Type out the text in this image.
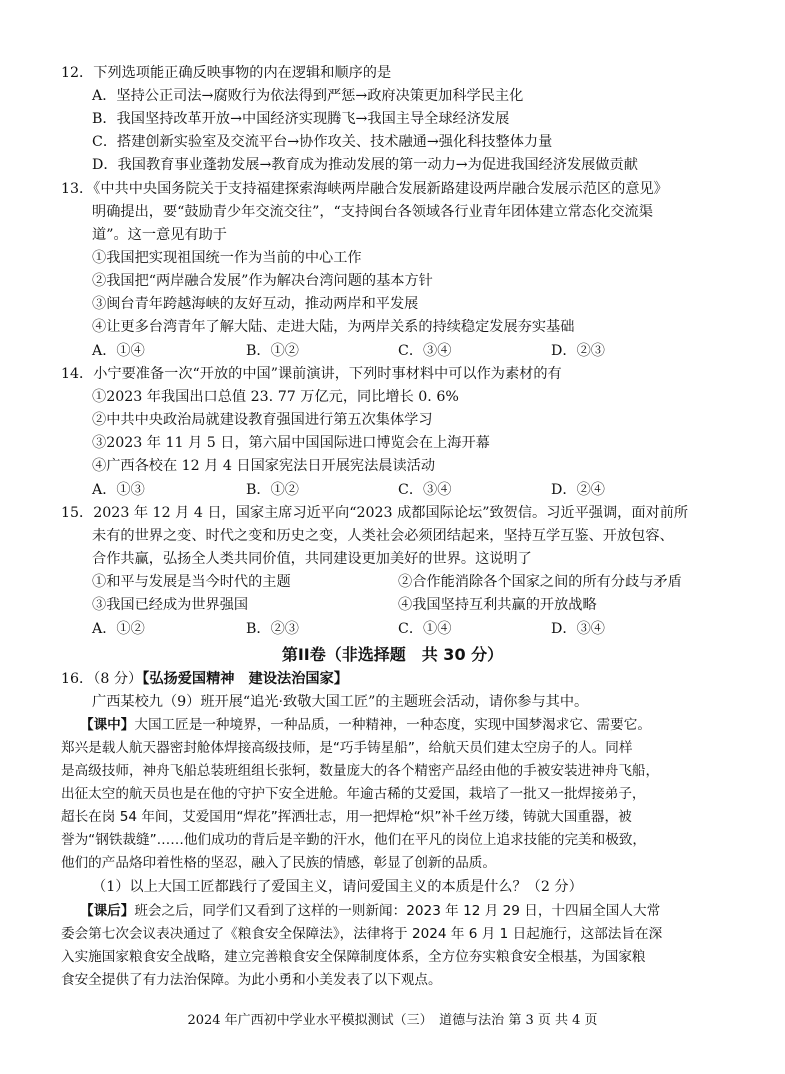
12．下列选项能正确反映事物的内在逻辑和顺序的是
A．坚持公正司法→腐败行为依法得到严惩→政府决策更加科学民主化
B．我国坚持改革开放→中国经济实现腾飞→我国主导全球经济发展
C．搭建创新实验室及交流平台→协作攻关、技术融通→强化科技整体力量
D．我国教育事业蓬勃发展→教育成为推动发展的第一动力→为促进我国经济发展做贡献
13．《中共中央国务院关于支持福建探索海峡两岸融合发展新路建设两岸融合发展示范区的意见》
明确提出，要“鼓励青少年交流交往”，“支持闽台各领域各行业青年团体建立常态化交流渠
道”。这一意见有助于
①我国把实现祖国统一作为当前的中心工作
②我国把“两岸融合发展”作为解决台湾问题的基本方针
③闽台青年跨越海峡的友好互动，推动两岸和平发展
④让更多台湾青年了解大陆、走进大陆，为两岸关系的持续稳定发展夯实基础
A．①④	B．①②	C．③④	D．②③
14．小宁要准备一次“开放的中国”课前演讲，下列时事材料中可以作为素材的有
①2023 年我国出口总值 23. 77 万亿元，同比增长 0. 6%
②中共中央政治局就建设教育强国进行第五次集体学习
③2023 年 11 月 5 日，第六届中国国际进口博览会在上海开幕
④广西各校在 12 月 4 日国家宪法日开展宪法晨读活动
A．①③	B．①②	C．③④	D．②④
15．2023 年 12 月 4 日，国家主席习近平向“2023 成都国际论坛”致贺信。习近平强调，面对前所
未有的世界之变、时代之变和历史之变，人类社会必须团结起来，坚持互学互鉴、开放包容、
合作共赢，弘扬全人类共同价值，共同建设更加美好的世界。这说明了
①和平与发展是当今时代的主题	②合作能消除各个国家之间的所有分歧与矛盾
③我国已经成为世界强国	④我国坚持互利共赢的开放战略
A．①②	B．②③	C．①④	D．③④
第II卷（非选择题　共 30 分）
16．（8 分）【弘扬爱国精神　建设法治国家】
广西某校九（9）班开展“追光·致敬大国工匠”的主题班会活动，请你参与其中。
【课中】大国工匠是一种境界，一种品质，一种精神，一种态度，实现中国梦渴求它、需要它。
郑兴是载人航天器密封舱体焊接高级技师，是“巧手铸星船”，给航天员们建太空房子的人。同样
是高级技师，神舟飞船总装班组组长张轲，数量庞大的各个精密产品经由他的手被安装进神舟飞船，
出征太空的航天员也是在他的守护下安全进舱。年逾古稀的艾爱国，栽培了一批又一批焊接弟子，
超长在岗 54 年间，艾爱国用“焊花”挥洒壮志，用一把焊枪“炽”补千丝万缕，铸就大国重器，被
誉为“钢铁裁缝”……他们成功的背后是辛勤的汗水，他们在平凡的岗位上追求技能的完美和极致，
他们的产品烙印着性格的坚忍，融入了民族的情感，彰显了创新的品质。
（1）以上大国工匠都践行了爱国主义，请问爱国主义的本质是什么？（2 分）
【课后】班会之后，同学们又看到了这样的一则新闻：2023 年 12 月 29 日，十四届全国人大常
委会第七次会议表决通过了《粮食安全保障法》，法律将于 2024 年 6 月 1 日起施行，这部法旨在深
入实施国家粮食安全战略，建立完善粮食安全保障制度体系，全方位夯实粮食安全根基，为国家粮
食安全提供了有力法治保障。为此小勇和小美发表了以下观点。
2024 年广西初中学业水平模拟测试（三）　道德与法治 第 3 页 共 4 页
